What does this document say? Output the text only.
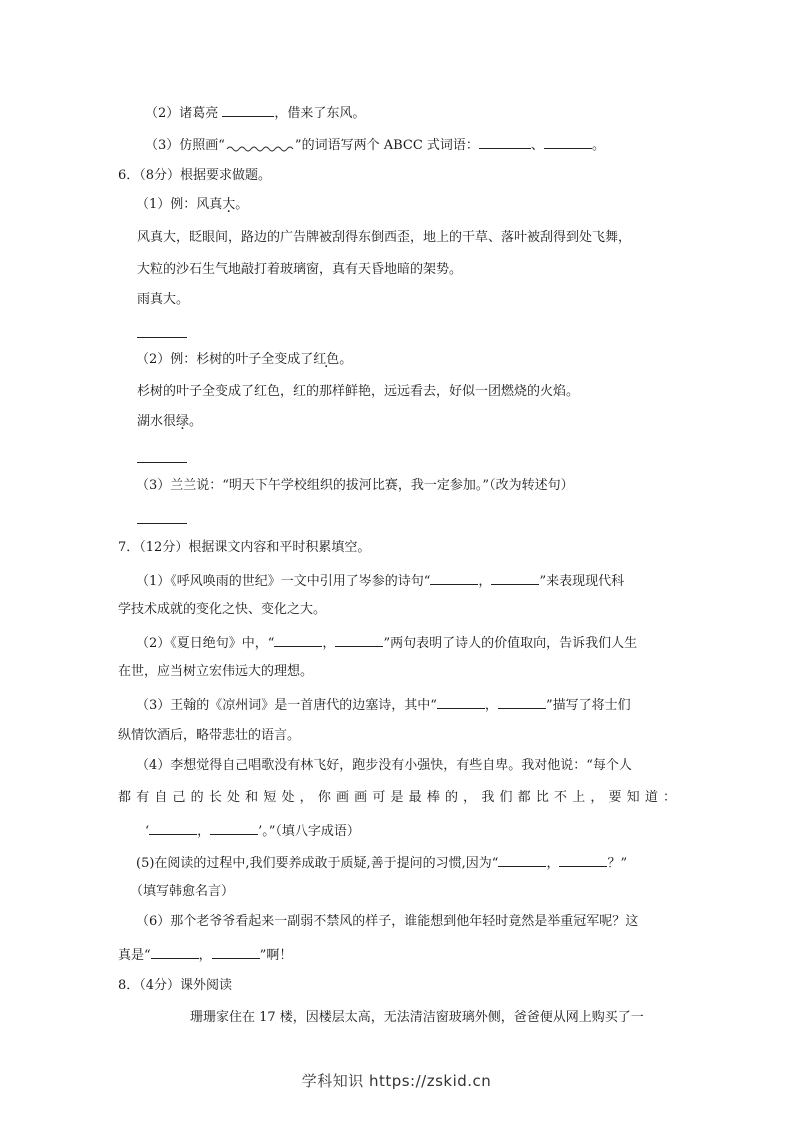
（2）诸葛亮	，借来了东风。
（3）仿照画“	”的词语写两个 ABCC 式词语：	、	。
6．（8分）根据要求做题。
（1）例：风真大。
风真大，眨眼间，路边的广告牌被刮得东倒西歪，地上的干草、落叶被刮得到处飞舞，
大粒的沙石生气地敲打着玻璃窗，真有天昏地暗的架势。
雨真大。
（2）例：杉树的叶子全变成了红色。
杉树的叶子全变成了红色，红的那样鲜艳，远远看去，好似一团燃烧的火焰。
湖水很绿。
（3）兰兰说：“明天下午学校组织的拔河比赛，我一定参加。”（改为转述句）
7．（12分）根据课文内容和平时积累填空。
（1）《呼风唤雨的世纪》一文中引用了岑参的诗句“	，	”来表现现代科
学技术成就的变化之快、变化之大。
（2）《夏日绝句》中，“	，	”两句表明了诗人的价值取向，告诉我们人生
在世，应当树立宏伟远大的理想。
（3）王翰的《凉州词》是一首唐代的边塞诗，其中“	，	”描写了将士们
纵情饮酒后，略带悲壮的语言。
（4）李想觉得自己唱歌没有林飞好，跑步没有小强快，有些自卑。我对他说：“每个人
都有自己的长处和短处，你画画可是最棒的，我们都比不上，要知道：
‘	，	’。”（填八字成语）
(5)在阅读的过程中,我们要养成敢于质疑,善于提问的习惯,因为“	，	？”
（填写韩愈名言）
（6）那个老爷爷看起来一副弱不禁风的样子，谁能想到他年轻时竟然是举重冠军呢？这
真是“	，	”啊！
8．（4分）课外阅读
珊珊家住在 17 楼，因楼层太高，无法清洁窗玻璃外侧，爸爸便从网上购买了一
学科知识 https://zskid.cn
